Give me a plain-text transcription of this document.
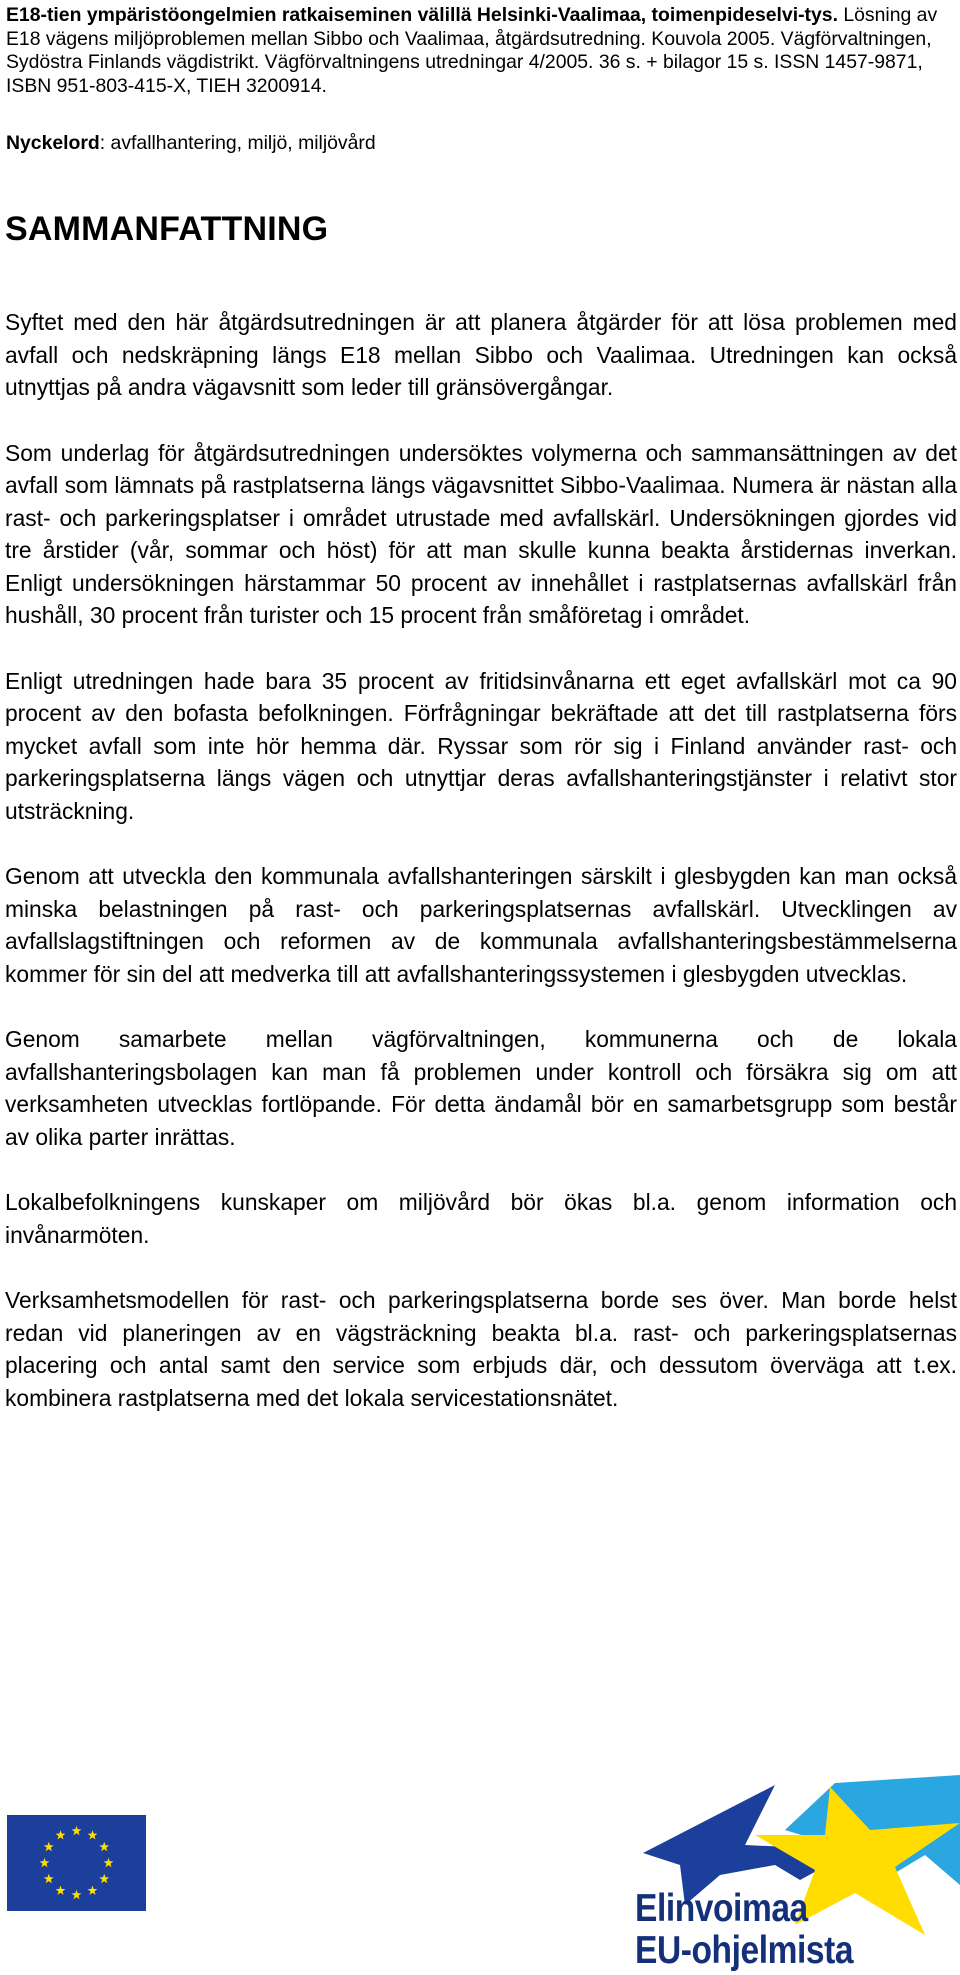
E18-tien ympäristöongelmien ratkaiseminen välillä Helsinki-Vaalimaa, toimenpideselvi-tys. Lösning av E18 vägens miljöproblemen mellan Sibbo och Vaalimaa, åtgärdsutredning. Kouvola 2005. Vägförvaltningen, Sydöstra Finlands vägdistrikt. Vägförvaltningens utredningar 4/2005. 36 s. + bilagor 15 s. ISSN 1457-9871, ISBN 951-803-415-X, TIEH 3200914.
Nyckelord: avfallhantering, miljö, miljövård
SAMMANFATTNING

Syftet med den här åtgärdsutredningen är att planera åtgärder för att lösa problemen med avfall och nedskräpning längs E18 mellan Sibbo och Vaalimaa. Utredningen kan också utnyttjas på andra vägavsnitt som leder till gränsövergångar.

Som underlag för åtgärdsutredningen undersöktes volymerna och sammansättningen av det avfall som lämnats på rastplatserna längs vägavsnittet Sibbo-Vaalimaa. Numera är nästan alla rast- och parkeringsplatser i området utrustade med avfallskärl. Undersökningen gjordes vid tre årstider (vår, sommar och höst) för att man skulle kunna beakta årstidernas inverkan. Enligt undersökningen härstammar 50 procent av innehållet i rastplatsernas avfallskärl från hushåll, 30 procent från turister och 15 procent från småföretag i området.

Enligt utredningen hade bara 35 procent av fritidsinvånarna ett eget avfallskärl mot ca 90 procent av den bofasta befolkningen. Förfrågningar bekräftade att det till rastplatserna förs mycket avfall som inte hör hemma där. Ryssar som rör sig i Finland använder rast- och parkeringsplatserna längs vägen och utnyttjar deras avfallshanteringstjänster i relativt stor utsträckning.

Genom att utveckla den kommunala avfallshanteringen särskilt i glesbygden kan man också minska belastningen på rast- och parkeringsplatsernas avfallskärl. Utvecklingen av avfallslagstiftningen och reformen av de kommunala avfallshanteringsbestämmelserna kommer för sin del att medverka till att avfallshanteringssystemen i glesbygden utvecklas.

Genom samarbete mellan vägförvaltningen, kommunerna och de lokala avfallshanteringsbolagen kan man få problemen under kontroll och försäkra sig om att verksamheten utvecklas fortlöpande. För detta ändamål bör en samarbetsgrupp som består av olika parter inrättas.

Lokalbefolkningens kunskaper om miljövård bör ökas bl.a. genom information och invånarmöten.

Verksamhetsmodellen för rast- och parkeringsplatserna borde ses över. Man borde helst redan vid planeringen av en vägsträckning beakta bl.a. rast- och parkeringsplatsernas placering och antal samt den service som erbjuds där, och dessutom överväga att t.ex. kombinera rastplatserna med det lokala servicestationsnätet.

Elinvoimaa
EU-ohjelmista
